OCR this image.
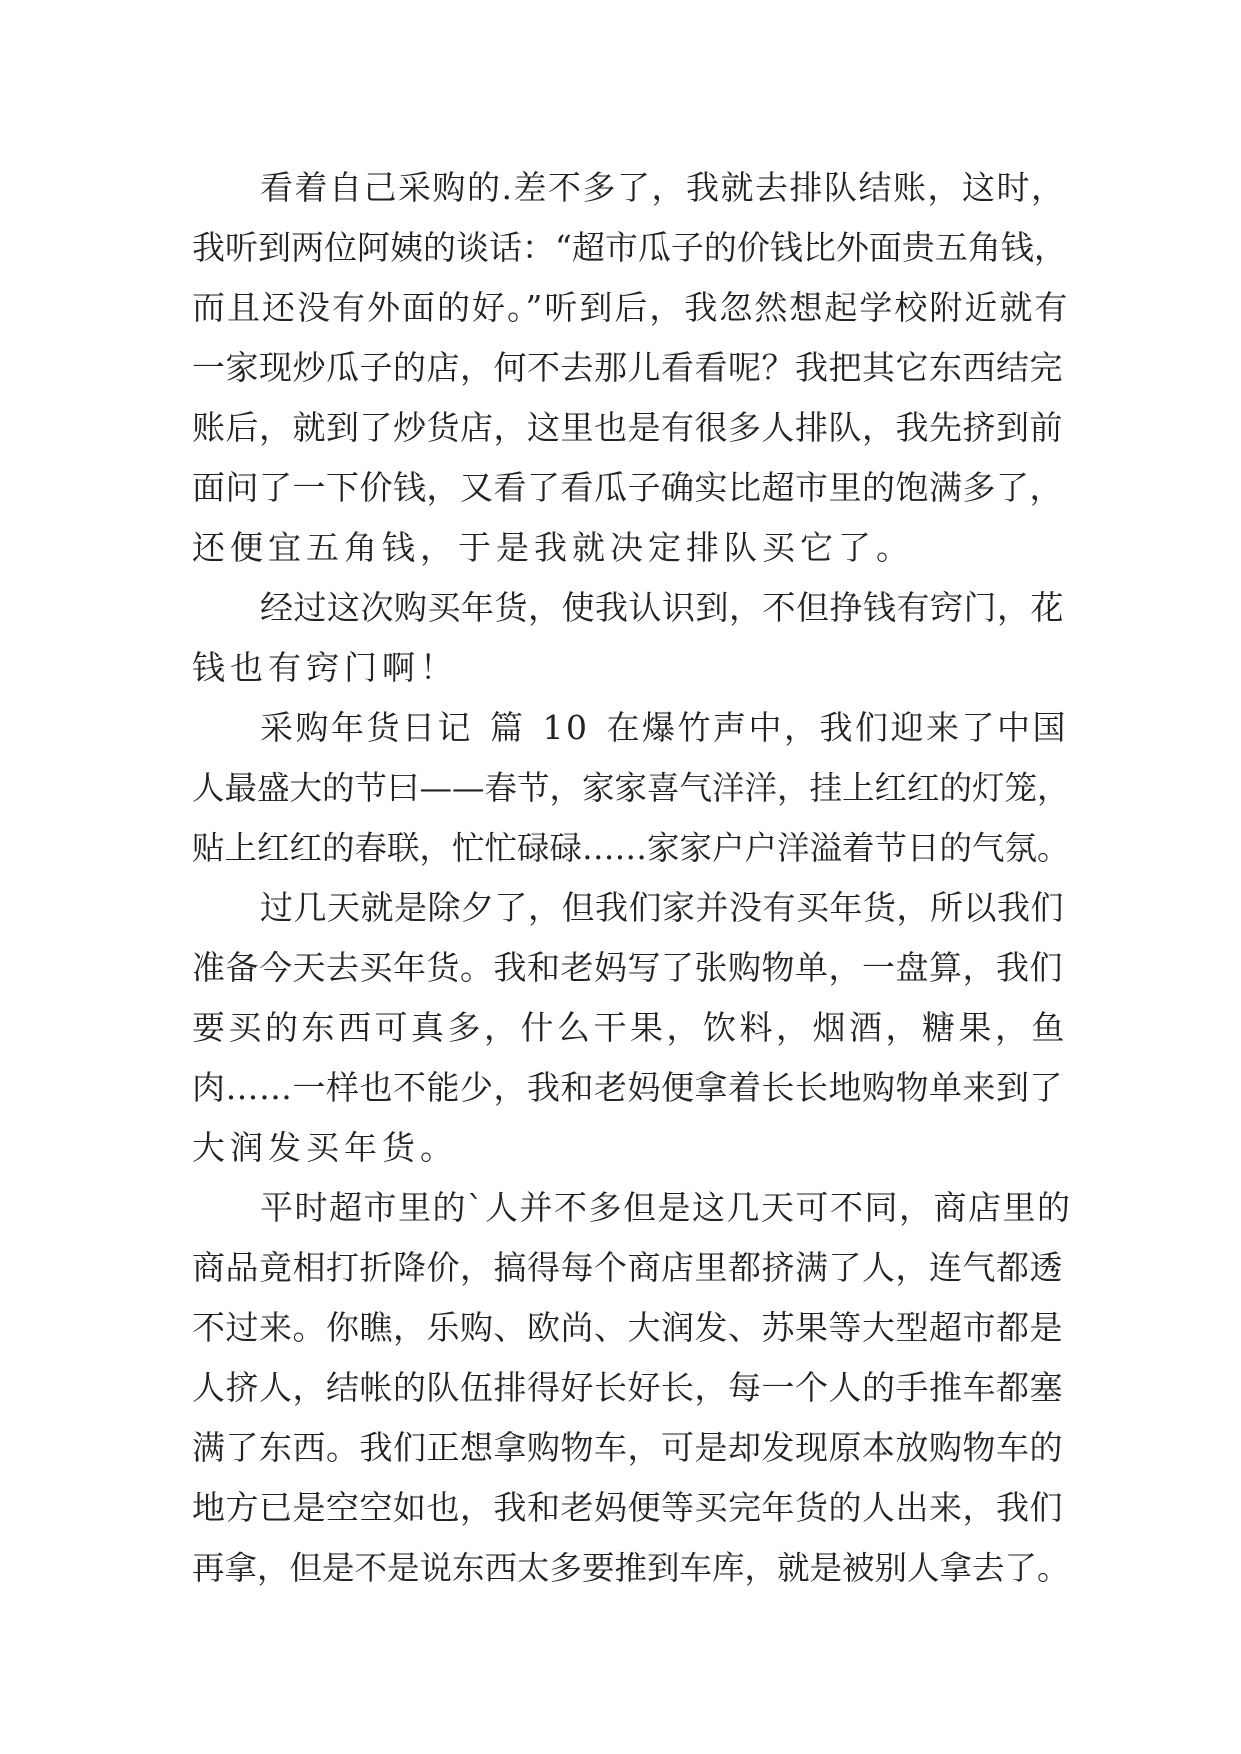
看着自己采购的.差不多了，我就去排队结账，这时，
我听到两位阿姨的谈话：“超市瓜子的价钱比外面贵五角钱，
而且还没有外面的好。”听到后，我忽然想起学校附近就有
一家现炒瓜子的店，何不去那儿看看呢？我把其它东西结完
账后，就到了炒货店，这里也是有很多人排队，我先挤到前
面问了一下价钱，又看了看瓜子确实比超市里的饱满多了，
还便宜五角钱，于是我就决定排队买它了。
经过这次购买年货，使我认识到，不但挣钱有窍门，花
钱也有窍门啊！
采购年货日记 篇 10 在爆竹声中，我们迎来了中国
人最盛大的节曰——春节，家家喜气洋洋，挂上红红的灯笼，
贴上红红的春联，忙忙碌碌……家家户户洋溢着节日的气氛。
过几天就是除夕了，但我们家并没有买年货，所以我们
准备今天去买年货。我和老妈写了张购物单，一盘算，我们
要买的东西可真多，什么干果，饮料，烟酒，糖果，鱼
肉……一样也不能少，我和老妈便拿着长长地购物单来到了
大润发买年货。
平时超市里的`人并不多但是这几天可不同，商店里的
商品竟相打折降价，搞得每个商店里都挤满了人，连气都透
不过来。你瞧，乐购、欧尚、大润发、苏果等大型超市都是
人挤人，结帐的队伍排得好长好长，每一个人的手推车都塞
满了东西。我们正想拿购物车，可是却发现原本放购物车的
地方已是空空如也，我和老妈便等买完年货的人出来，我们
再拿，但是不是说东西太多要推到车库，就是被别人拿去了。
